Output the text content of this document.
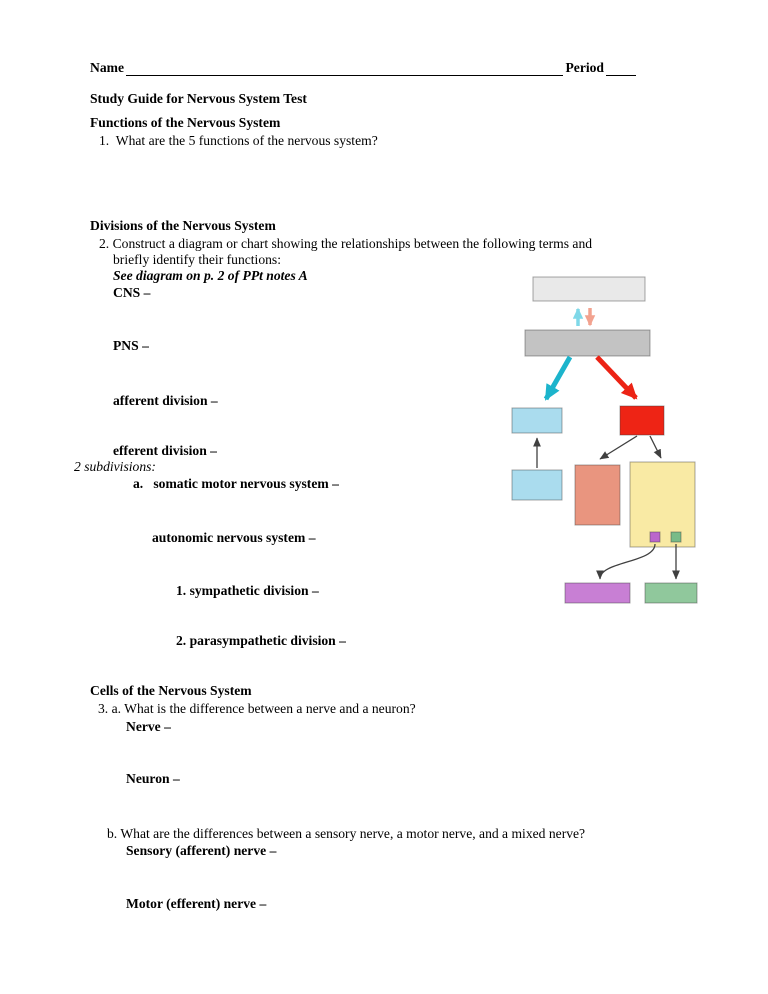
Name	Period
Study Guide for Nervous System Test
Functions of the Nervous System
1.  What are the 5 functions of the nervous system?
Divisions of the Nervous System
2. Construct a diagram or chart showing the relationships between the following terms and
briefly identify their functions:
See diagram on p. 2 of PPt notes A
CNS –
PNS –
afferent division –
efferent division –
2 subdivisions:
a.   somatic motor nervous system –
autonomic nervous system –
1. sympathetic division –
2. parasympathetic division –
Cells of the Nervous System
3. a. What is the difference between a nerve and a neuron?
Nerve –
Neuron –
b. What are the differences between a sensory nerve, a motor nerve, and a mixed nerve?
Sensory (afferent) nerve –
Motor (efferent) nerve –
